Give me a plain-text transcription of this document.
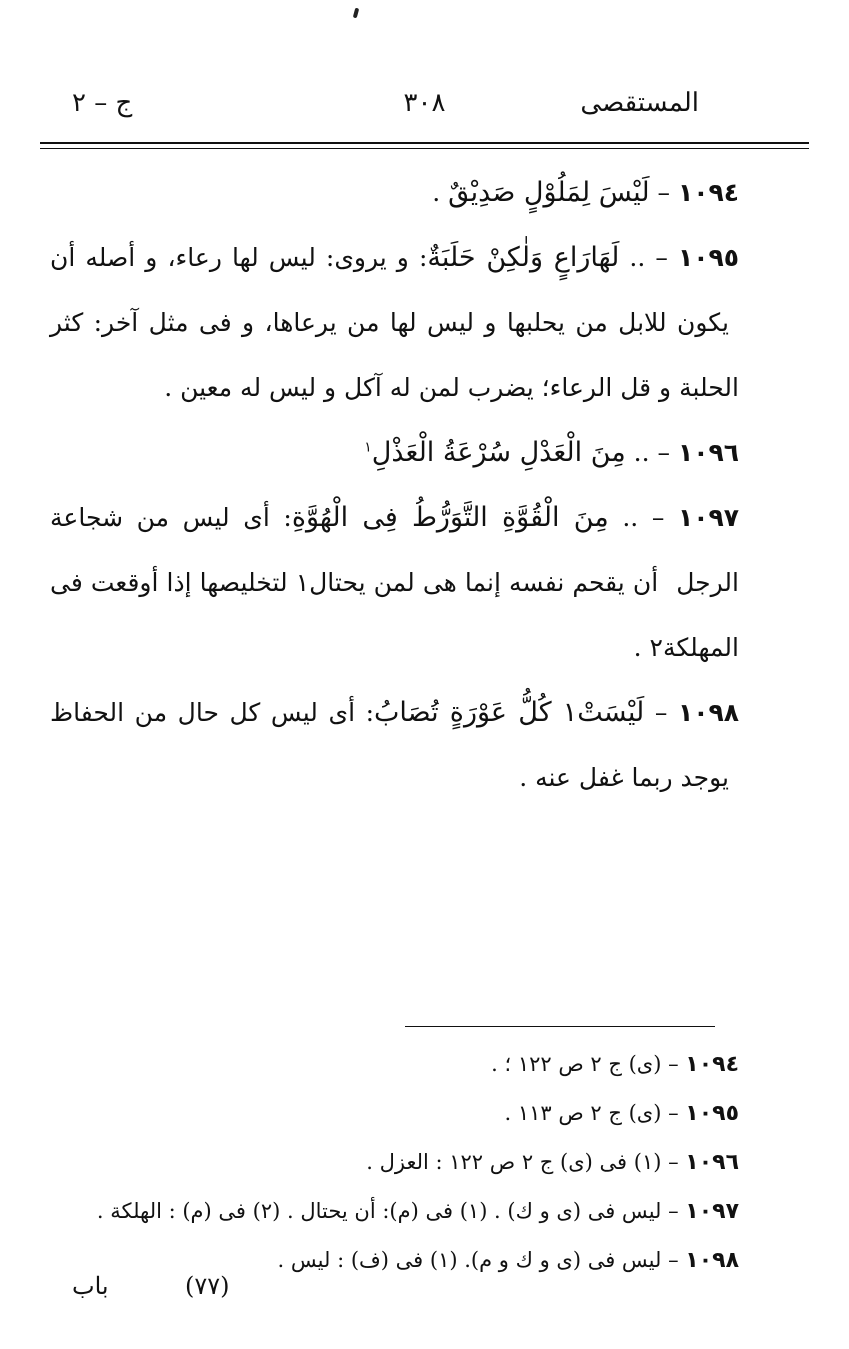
المستقصى
٣٠٨
ج – ٢

١٠٩٤ – لَيْسَ لِمَلُوْلٍ صَدِيْقٌ .

١٠٩٥ – .. لَهَارَاعٍ وَلٰكِنْ حَلَبَةٌ: و يروى: ليس لها رعاء، و أصله أن يكون للابل من يحلبها و ليس لها من يرعاها، و فى مثل آخر: كثر الحلبة و قل الرعاء؛ يضرب لمن له آكل و ليس له معين .

١٠٩٦ – .. مِنَ الْعَدْلِ سُرْعَةُ الْعَذْلِ$^١$

١٠٩٧ – .. مِنَ الْقُوَّةِ التَّوَرُّطُ فِى الْهُوَّةِ: أى ليس من شجاعة الرجل أن يقحم نفسه إنما هى لمن يحتال١ لتخليصها إذا أوقعت فى المهلكة٢ .

١٠٩٨ – لَيْسَتْ١ كُلُّ عَوْرَةٍ تُصَابُ: أى ليس كل حال من الحفاظ يوجد ربما غفل عنه .

١٠٩٤ – (ى) ج ٢ ص ١٢٢ ؛ .

١٠٩٥ – (ى) ج ٢ ص ١١٣ .

١٠٩٦ – (١) فى (ى) ج ٢ ص ١٢٢ : العزل .

١٠٩٧ – ليس فى (ى و ك) . (١) فى (م): أن يحتال . (٢) فى (م) : الهلكة .

١٠٩٨ – ليس فى (ى و ك و م). (١) فى (ف) : ليس .

(٧٧)
باب
